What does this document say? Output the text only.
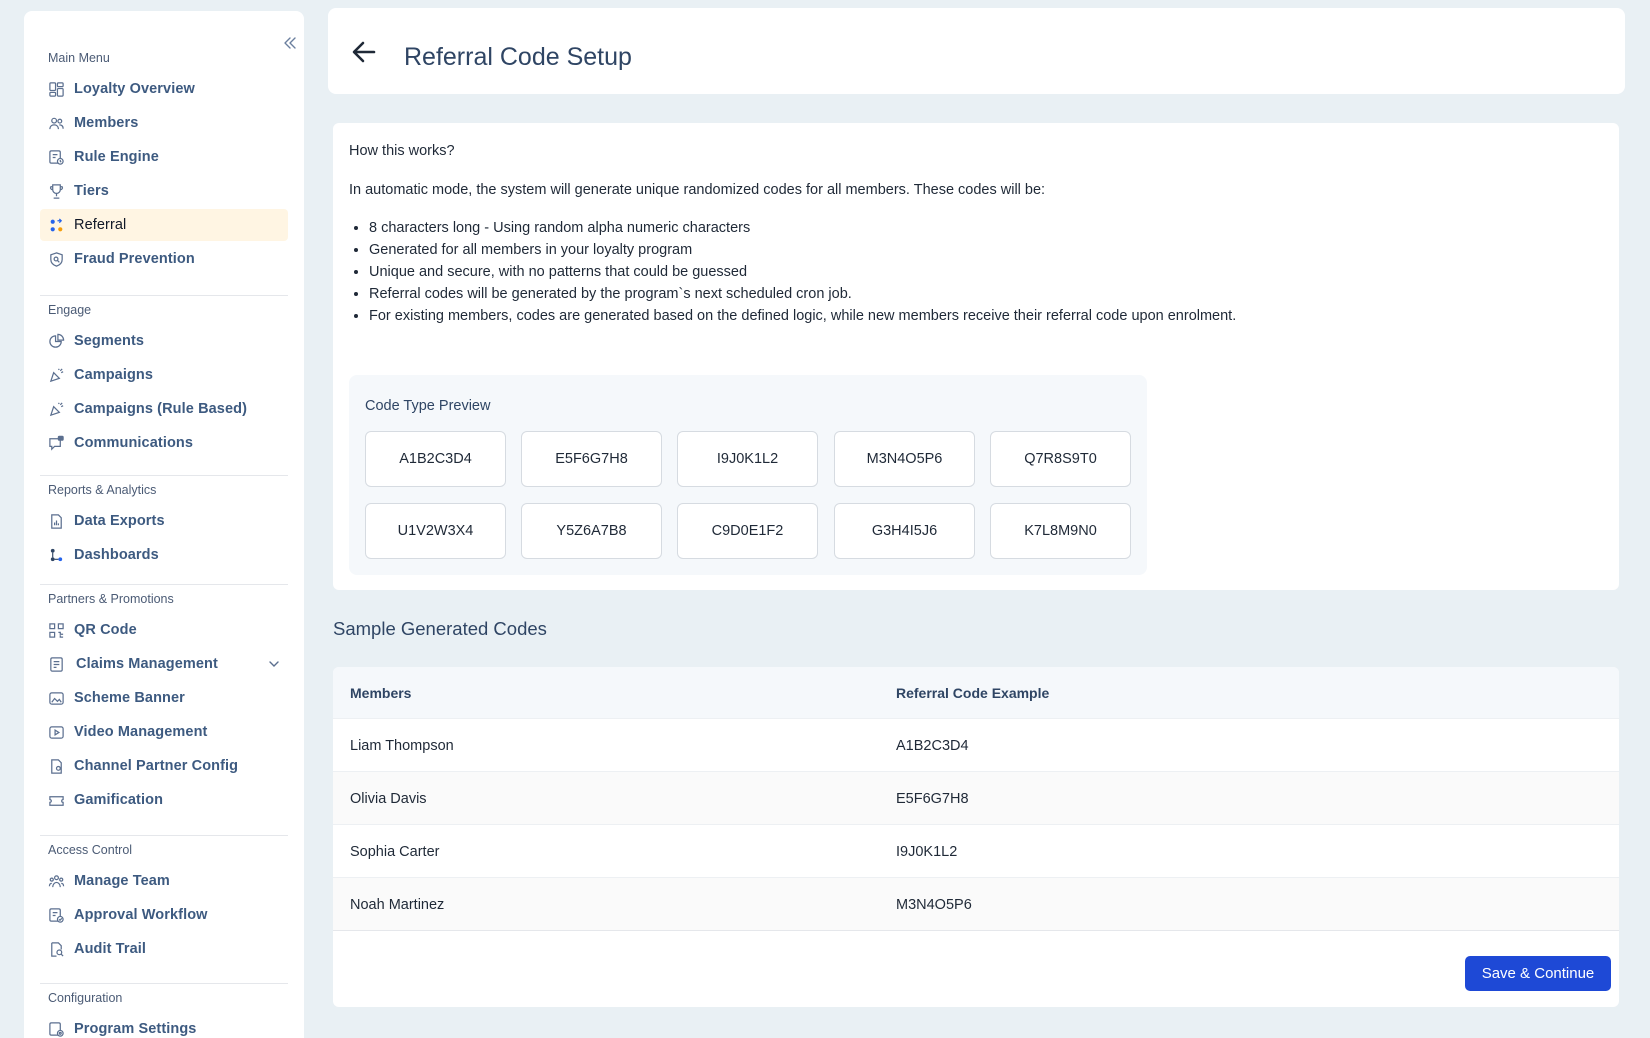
Main Menu
Loyalty Overview
Members
Rule Engine
Tiers
Referral
Fraud Prevention
Engage
Segments
Campaigns
Campaigns (Rule Based)
Communications
Reports & Analytics
Data Exports
Dashboards
Partners & Promotions
QR Code
Claims Management
Scheme Banner
Video Management
Channel Partner Config
Gamification
Access Control
Manage Team
Approval Workflow
Audit Trail
Configuration
Program Settings
Referral Code Setup
How this works?
In automatic mode, the system will generate unique randomized codes for all members. These codes will be:
• 8 characters long - Using random alpha numeric characters
• Generated for all members in your loyalty program
• Unique and secure, with no patterns that could be guessed
• Referral codes will be generated by the program`s next scheduled cron job.
• For existing members, codes are generated based on the defined logic, while new members receive their referral code upon enrolment.
Code Type Preview
A1B2C3D4	E5F6G7H8	I9J0K1L2	M3N4O5P6	Q7R8S9T0
U1V2W3X4	Y5Z6A7B8	C9D0E1F2	G3H4I5J6	K7L8M9N0
Sample Generated Codes
Members	Referral Code Example
Liam Thompson	A1B2C3D4
Olivia Davis	E5F6G7H8
Sophia Carter	I9J0K1L2
Noah Martinez	M3N4O5P6
Save & Continue
